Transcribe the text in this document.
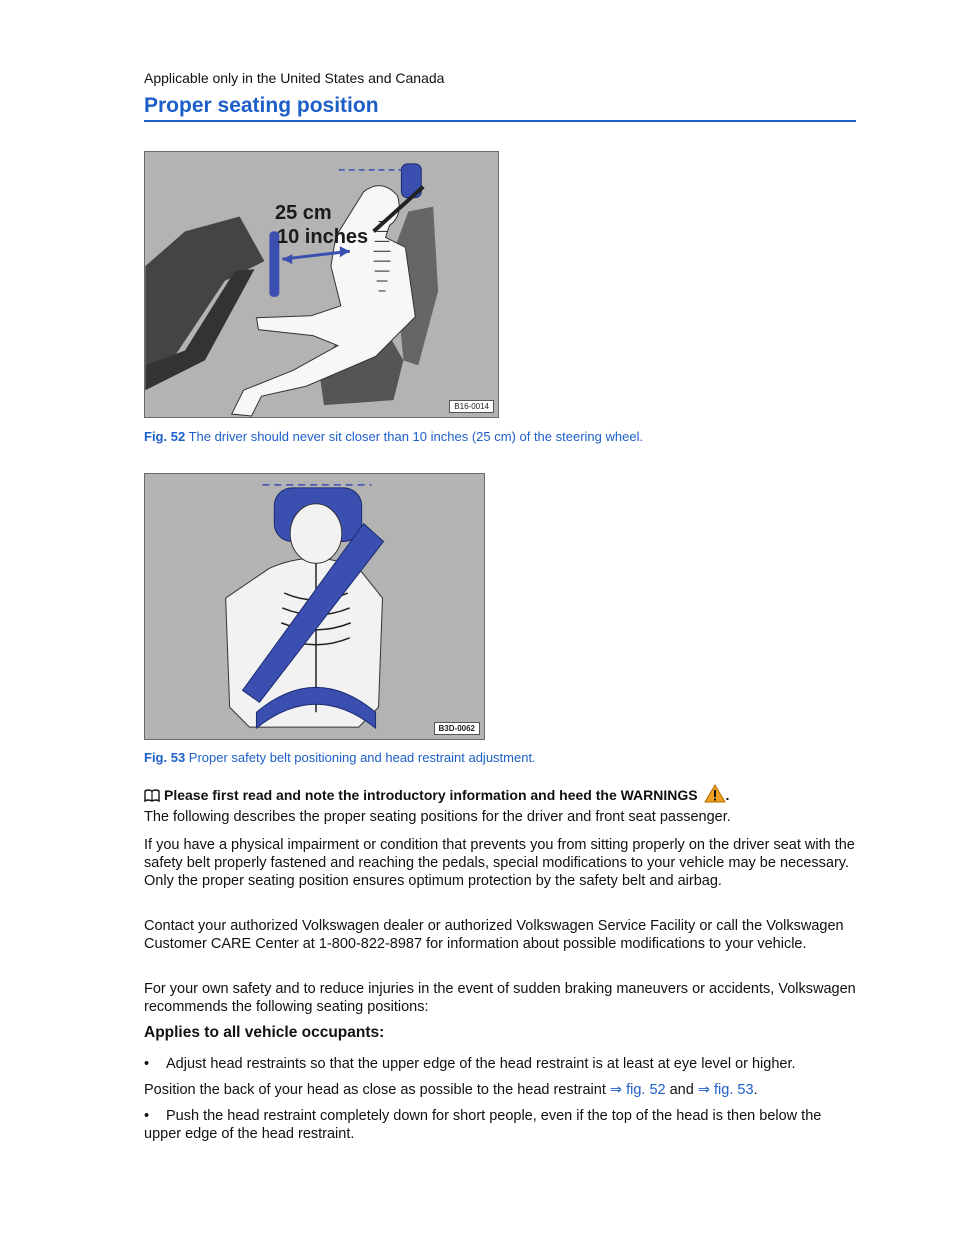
Applicable only in the United States and Canada
Proper seating position
25 cm
10 inches
B16-0014
Fig. 52 The driver should never sit closer than 10 inches (25 cm) of the steering wheel.
B3D-0062
Fig. 53 Proper safety belt positioning and head restraint adjustment.
Please first read and note the introductory information and heed the WARNINGS .

The following describes the proper seating positions for the driver and front seat passenger.

If you have a physical impairment or condition that prevents you from sitting properly on the driver seat with the safety belt properly fastened and reaching the pedals, special modifications to your vehicle may be necessary. Only the proper seating position ensures optimum protection by the safety belt and airbag.

Contact your authorized Volkswagen dealer or authorized Volkswagen Service Facility or call the Volkswagen Customer CARE Center at 1-800-822-8987 for information about possible modifications to your vehicle.

For your own safety and to reduce injuries in the event of sudden braking maneuvers or accidents, Volkswagen recommends the following seating positions:

Applies to all vehicle occupants:

• Adjust head restraints so that the upper edge of the head restraint is at least at eye level or higher.

Position the back of your head as close as possible to the head restraint ⇒ fig. 52 and ⇒ fig. 53.

• Push the head restraint completely down for short people, even if the top of the head is then below the upper edge of the head restraint.
